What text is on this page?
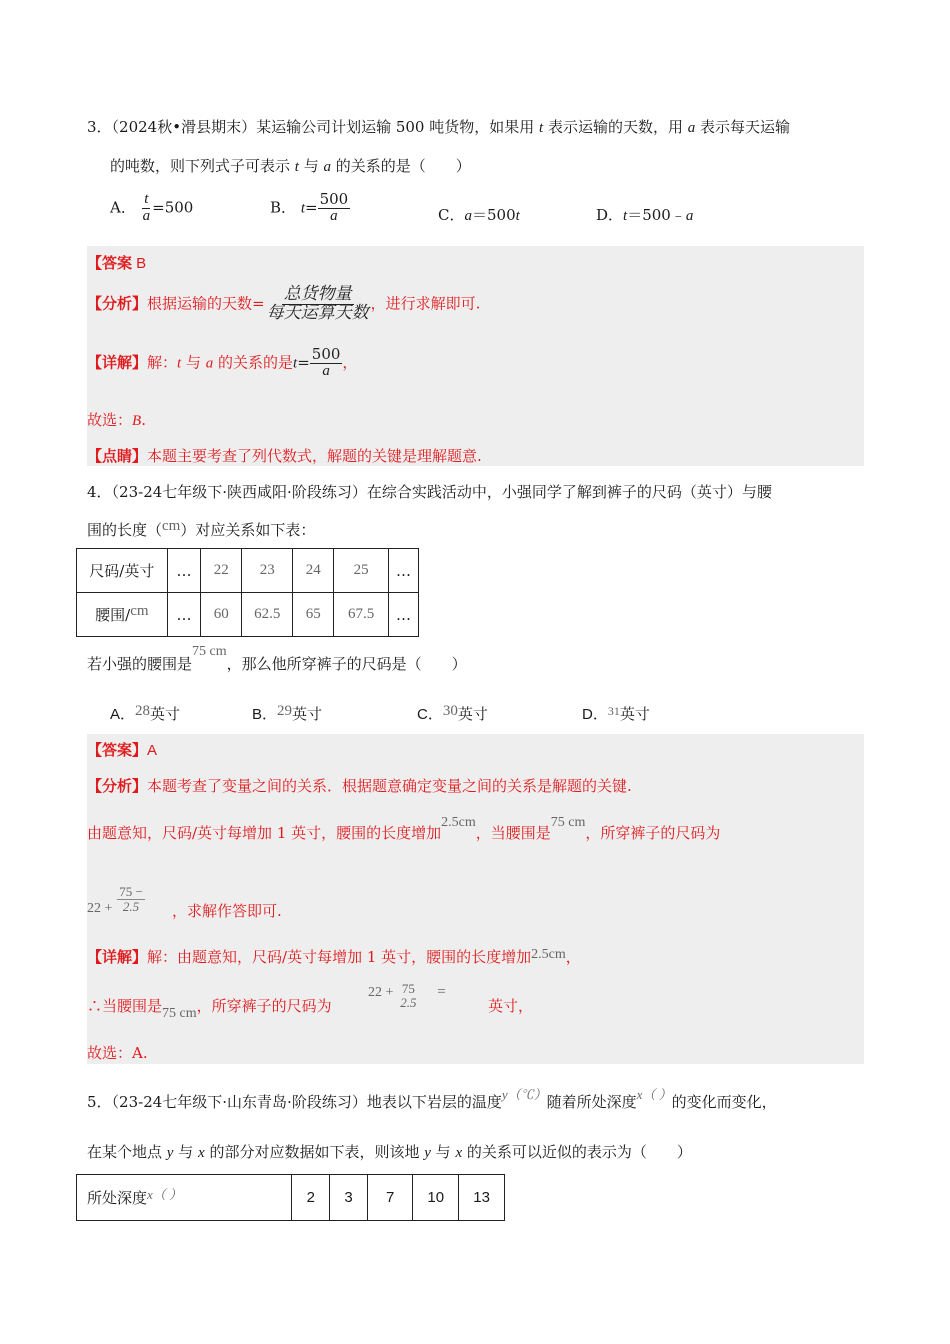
3．（2024秋•滑县期末）某运输公司计划运输 500 吨货物，如果用 t 表示运输的天数，用 a 表示每天运输
的吨数，则下列式子可表示 t 与 a 的关系的是（　　）
A． $\frac{t}{a} =500$	B． $t= \frac{500}{a}$	C．a＝500t	D．t＝500﹣a
【答案 B
【分析】根据运输的天数= $\frac{\text{总货物量}}{\text{每天运算天数}}$ ，进行求解即可.
【详解】解：t 与 a 的关系的是$t= \frac{500}{a}$ ，
故选：B.
【点睛】本题主要考查了列代数式，解题的关键是理解题意.
4．（23-24七年级下·陕西咸阳·阶段练习）在综合实践活动中，小强同学了解到裤子的尺码（英寸）与腰
围的长度（cm）对应关系如下表：
尺码/英寸	…	22	23	24	25	…
腰围/cm	…	60	62.5	65	67.5	…
若小强的腰围是75 cm，那么他所穿裤子的尺码是（　　）
A．28英寸	B．29英寸	C．30英寸	D．$^{31}$英寸
【答案】A
【分析】本题考查了变量之间的关系．根据题意确定变量之间的关系是解题的关键.
由题意知，尺码/英寸每增加 1 英寸，腰围的长度增加2.5cm，当腰围是75 cm，所穿裤子的尺码为
$22 + \frac{75 -}{2.5}$ ，求解作答即可.
【详解】解：由题意知，尺码/英寸每增加 1 英寸，腰围的长度增加2.5cm，
∴当腰围是75 cm，所穿裤子的尺码为
22 + 75
2.5
=
英寸，
故选：A.
5．（23-24七年级下·山东青岛·阶段练习）地表以下岩层的温度y（℃）随着所处深度x（ ）的变化而变化，
在某个地点 y 与 x 的部分对应数据如下表，则该地 y 与 x 的关系可以近似的表示为（　　）
所处深度x（ ）	2	3	7	10	13
